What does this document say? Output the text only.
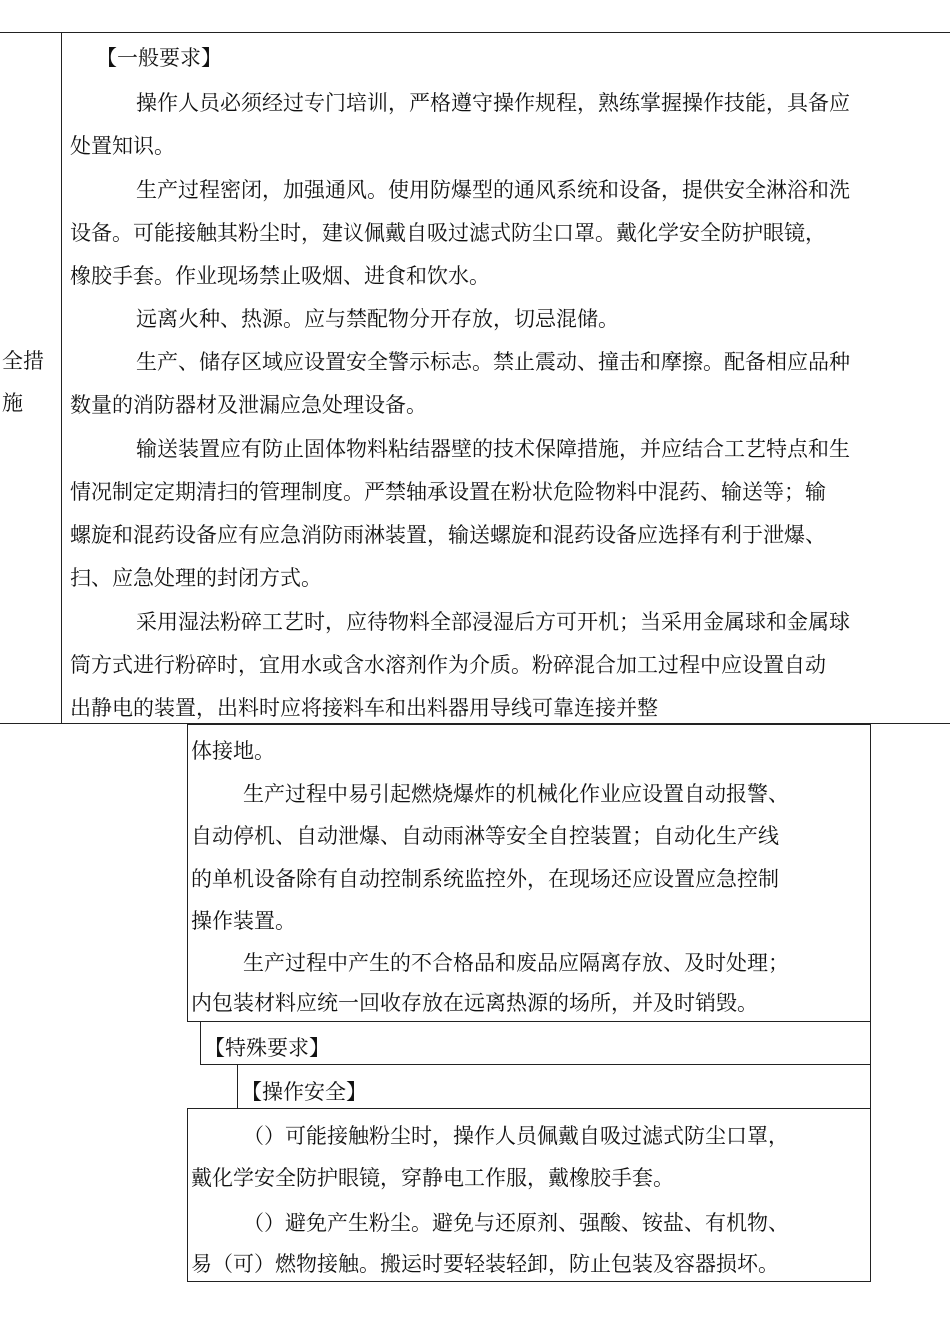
全措
施
【一般要求】
操作人员必须经过专门培训，严格遵守操作规程，熟练掌握操作技能，具备应
处置知识。
生产过程密闭，加强通风。使用防爆型的通风系统和设备，提供安全淋浴和洗
设备。可能接触其粉尘时，建议佩戴自吸过滤式防尘口罩。戴化学安全防护眼镜，
橡胶手套。作业现场禁止吸烟、进食和饮水。
远离火种、热源。应与禁配物分开存放，切忌混储。
生产、储存区域应设置安全警示标志。禁止震动、撞击和摩擦。配备相应品种
数量的消防器材及泄漏应急处理设备。
输送装置应有防止固体物料粘结器壁的技术保障措施，并应结合工艺特点和生
情况制定定期清扫的管理制度。严禁轴承设置在粉状危险物料中混药、输送等；输
螺旋和混药设备应有应急消防雨淋装置，输送螺旋和混药设备应选择有利于泄爆、
扫、应急处理的封闭方式。
采用湿法粉碎工艺时，应待物料全部浸湿后方可开机；当采用金属球和金属球
筒方式进行粉碎时，宜用水或含水溶剂作为介质。粉碎混合加工过程中应设置自动
出静电的装置，出料时应将接料车和出料器用导线可靠连接并整
体接地。
生产过程中易引起燃烧爆炸的机械化作业应设置自动报警、
自动停机、自动泄爆、自动雨淋等安全自控装置；自动化生产线
的单机设备除有自动控制系统监控外，在现场还应设置应急控制
操作装置。
生产过程中产生的不合格品和废品应隔离存放、及时处理；
内包装材料应统一回收存放在远离热源的场所，并及时销毁。
【特殊要求】
【操作安全】
（）可能接触粉尘时，操作人员佩戴自吸过滤式防尘口罩，
戴化学安全防护眼镜，穿静电工作服，戴橡胶手套。
（）避免产生粉尘。避免与还原剂、强酸、铵盐、有机物、
易（可）燃物接触。搬运时要轻装轻卸，防止包装及容器损坏。
